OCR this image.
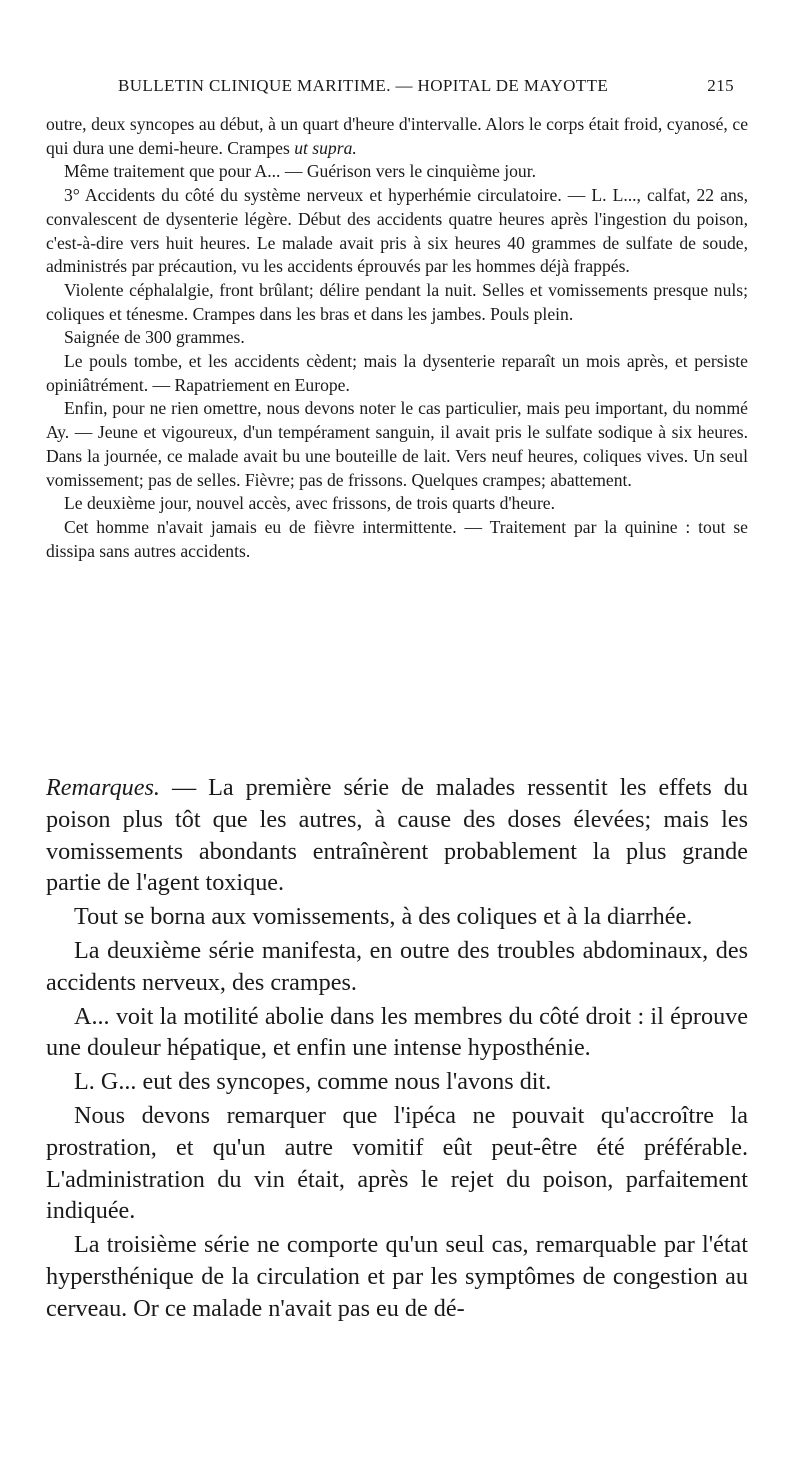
BULLETIN CLINIQUE MARITIME. — HOPITAL DE MAYOTTE	215

outre, deux syncopes au début, à un quart d'heure d'intervalle. Alors le corps était froid, cyanosé, ce qui dura une demi-heure. Crampes ut supra.

Même traitement que pour A... — Guérison vers le cinquième jour.

3° Accidents du côté du système nerveux et hyperhémie circulatoire. — L. L..., calfat, 22 ans, convalescent de dysenterie légère. Début des accidents quatre heures après l'ingestion du poison, c'est-à-dire vers huit heures. Le malade avait pris à six heures 40 grammes de sulfate de soude, administrés par précaution, vu les accidents éprouvés par les hommes déjà frappés.

Violente céphalalgie, front brûlant; délire pendant la nuit. Selles et vomissements presque nuls; coliques et ténesme. Crampes dans les bras et dans les jambes. Pouls plein.

Saignée de 300 grammes.

Le pouls tombe, et les accidents cèdent; mais la dysenterie reparaît un mois après, et persiste opiniâtrément. — Rapatriement en Europe.

Enfin, pour ne rien omettre, nous devons noter le cas particulier, mais peu important, du nommé Ay. — Jeune et vigoureux, d'un tempérament sanguin, il avait pris le sulfate sodique à six heures. Dans la journée, ce malade avait bu une bouteille de lait. Vers neuf heures, coliques vives. Un seul vomissement; pas de selles. Fièvre; pas de frissons. Quelques crampes; abattement.

Le deuxième jour, nouvel accès, avec frissons, de trois quarts d'heure.

Cet homme n'avait jamais eu de fièvre intermittente. — Traitement par la quinine : tout se dissipa sans autres accidents.

Remarques. — La première série de malades ressentit les effets du poison plus tôt que les autres, à cause des doses élevées; mais les vomissements abondants entraînèrent probablement la plus grande partie de l'agent toxique.

Tout se borna aux vomissements, à des coliques et à la diarrhée.

La deuxième série manifesta, en outre des troubles abdominaux, des accidents nerveux, des crampes.

A... voit la motilité abolie dans les membres du côté droit : il éprouve une douleur hépatique, et enfin une intense hyposthénie.

L. G... eut des syncopes, comme nous l'avons dit.

Nous devons remarquer que l'ipéca ne pouvait qu'accroître la prostration, et qu'un autre vomitif eût peut-être été préférable. L'administration du vin était, après le rejet du poison, parfaitement indiquée.

La troisième série ne comporte qu'un seul cas, remarquable par l'état hypersthénique de la circulation et par les symptômes de congestion au cerveau. Or ce malade n'avait pas eu de dé-
